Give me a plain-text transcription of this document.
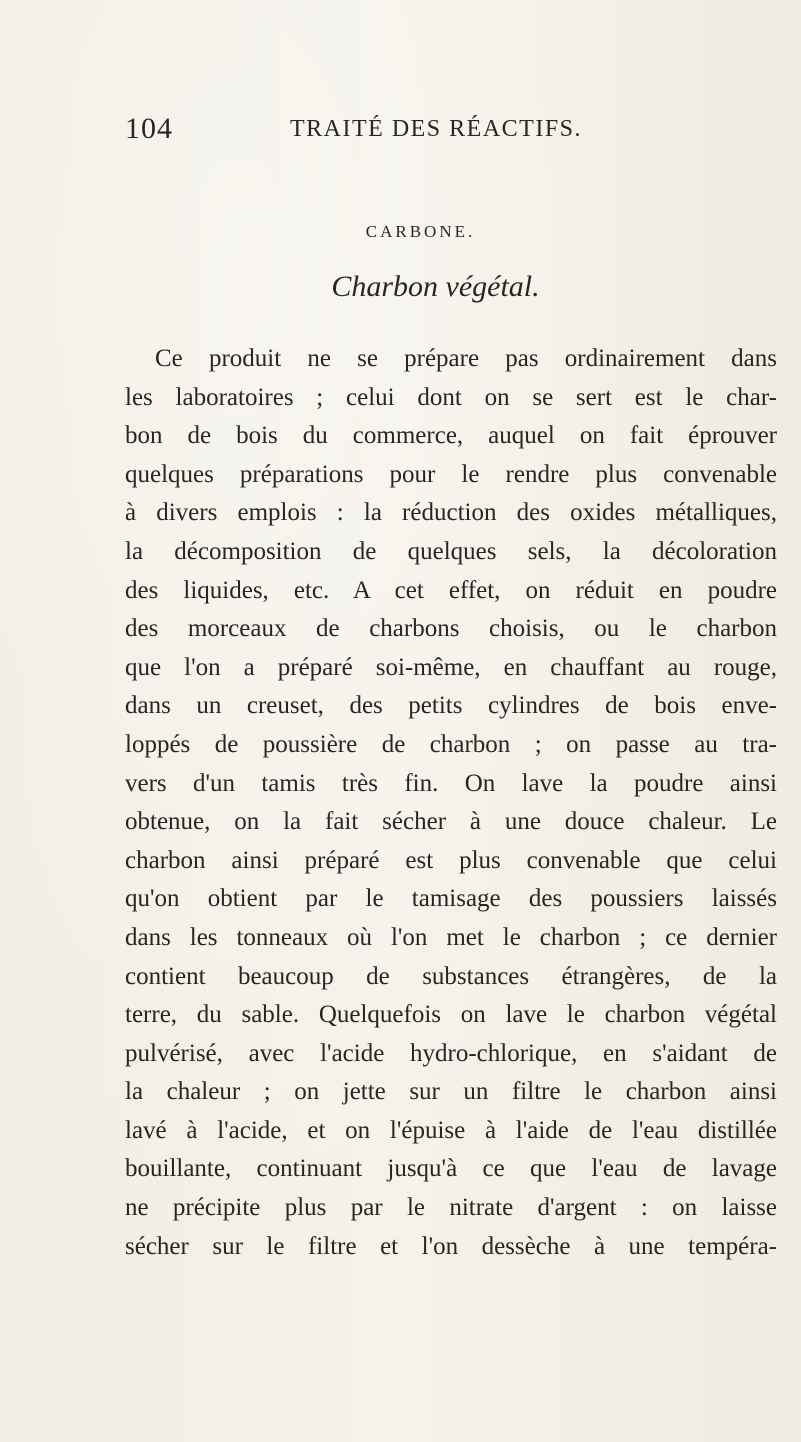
104	TRAITÉ DES RÉACTIFS.
CARBONE.
Charbon végétal.
Ce produit ne se prépare pas ordinairement dans
les laboratoires ; celui dont on se sert est le char-
bon de bois du commerce, auquel on fait éprouver
quelques préparations pour le rendre plus convenable
à divers emplois : la réduction des oxides métalliques,
la décomposition de quelques sels, la décoloration
des liquides, etc. A cet effet, on réduit en poudre
des morceaux de charbons choisis, ou le charbon
que l'on a préparé soi-même, en chauffant au rouge,
dans un creuset, des petits cylindres de bois enve-
loppés de poussière de charbon ; on passe au tra-
vers d'un tamis très fin. On lave la poudre ainsi
obtenue, on la fait sécher à une douce chaleur. Le
charbon ainsi préparé est plus convenable que celui
qu'on obtient par le tamisage des poussiers laissés
dans les tonneaux où l'on met le charbon ; ce dernier
contient beaucoup de substances étrangères, de la
terre, du sable. Quelquefois on lave le charbon végétal
pulvérisé, avec l'acide hydro-chlorique, en s'aidant de
la chaleur ; on jette sur un filtre le charbon ainsi
lavé à l'acide, et on l'épuise à l'aide de l'eau distillée
bouillante, continuant jusqu'à ce que l'eau de lavage
ne précipite plus par le nitrate d'argent : on laisse
sécher sur le filtre et l'on dessèche à une tempéra-
